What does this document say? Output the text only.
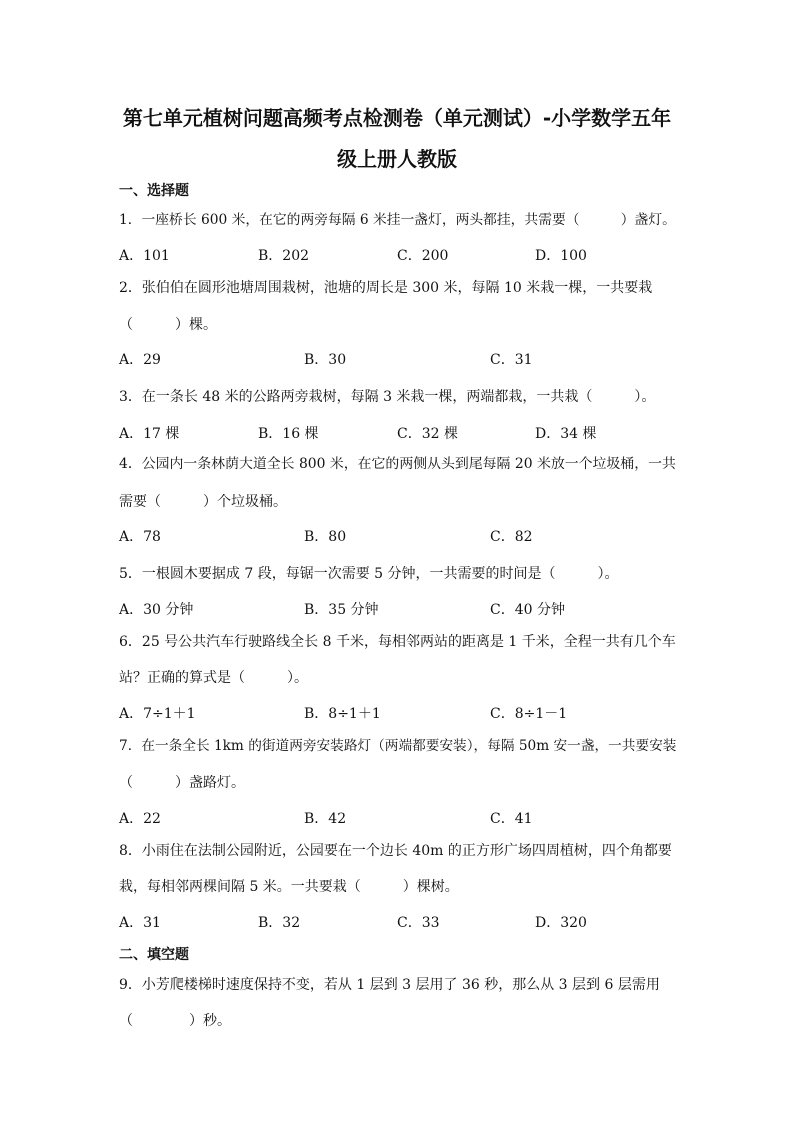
第七单元植树问题高频考点检测卷（单元测试）-小学数学五年
级上册人教版
一、选择题
1．一座桥长 600 米，在它的两旁每隔 6 米挂一盏灯，两头都挂，共需要（　　　）盏灯。
A．101	B．202	C．200	D．100
2．张伯伯在圆形池塘周围栽树，池塘的周长是 300 米，每隔 10 米栽一棵，一共要栽
（　　　）棵。
A．29	B．30	C．31
3．在一条长 48 米的公路两旁栽树，每隔 3 米栽一棵，两端都栽，一共栽（　　　）。
A．17 棵	B．16 棵	C．32 棵	D．34 棵
4．公园内一条林荫大道全长 800 米，在它的两侧从头到尾每隔 20 米放一个垃圾桶，一共
需要（　　　）个垃圾桶。
A．78	B．80	C．82
5．一根圆木要据成 7 段，每锯一次需要 5 分钟，一共需要的时间是（　　　）。
A．30 分钟	B．35 分钟	C．40 分钟
6．25 号公共汽车行驶路线全长 8 千米，每相邻两站的距离是 1 千米，全程一共有几个车
站？正确的算式是（　　　）。
A．7÷1＋1	B．8÷1＋1	C．8÷1－1
7．在一条全长 1km 的街道两旁安装路灯（两端都要安装），每隔 50m 安一盏，一共要安装
（　　　）盏路灯。
A．22	B．42	C．41
8．小雨住在法制公园附近，公园要在一个边长 40m 的正方形广场四周植树，四个角都要
栽，每相邻两棵间隔 5 米。一共要栽（　　　）棵树。
A．31	B．32	C．33	D．320
二、填空题
9．小芳爬楼梯时速度保持不变，若从 1 层到 3 层用了 36 秒，那么从 3 层到 6 层需用
（　　　　）秒。
